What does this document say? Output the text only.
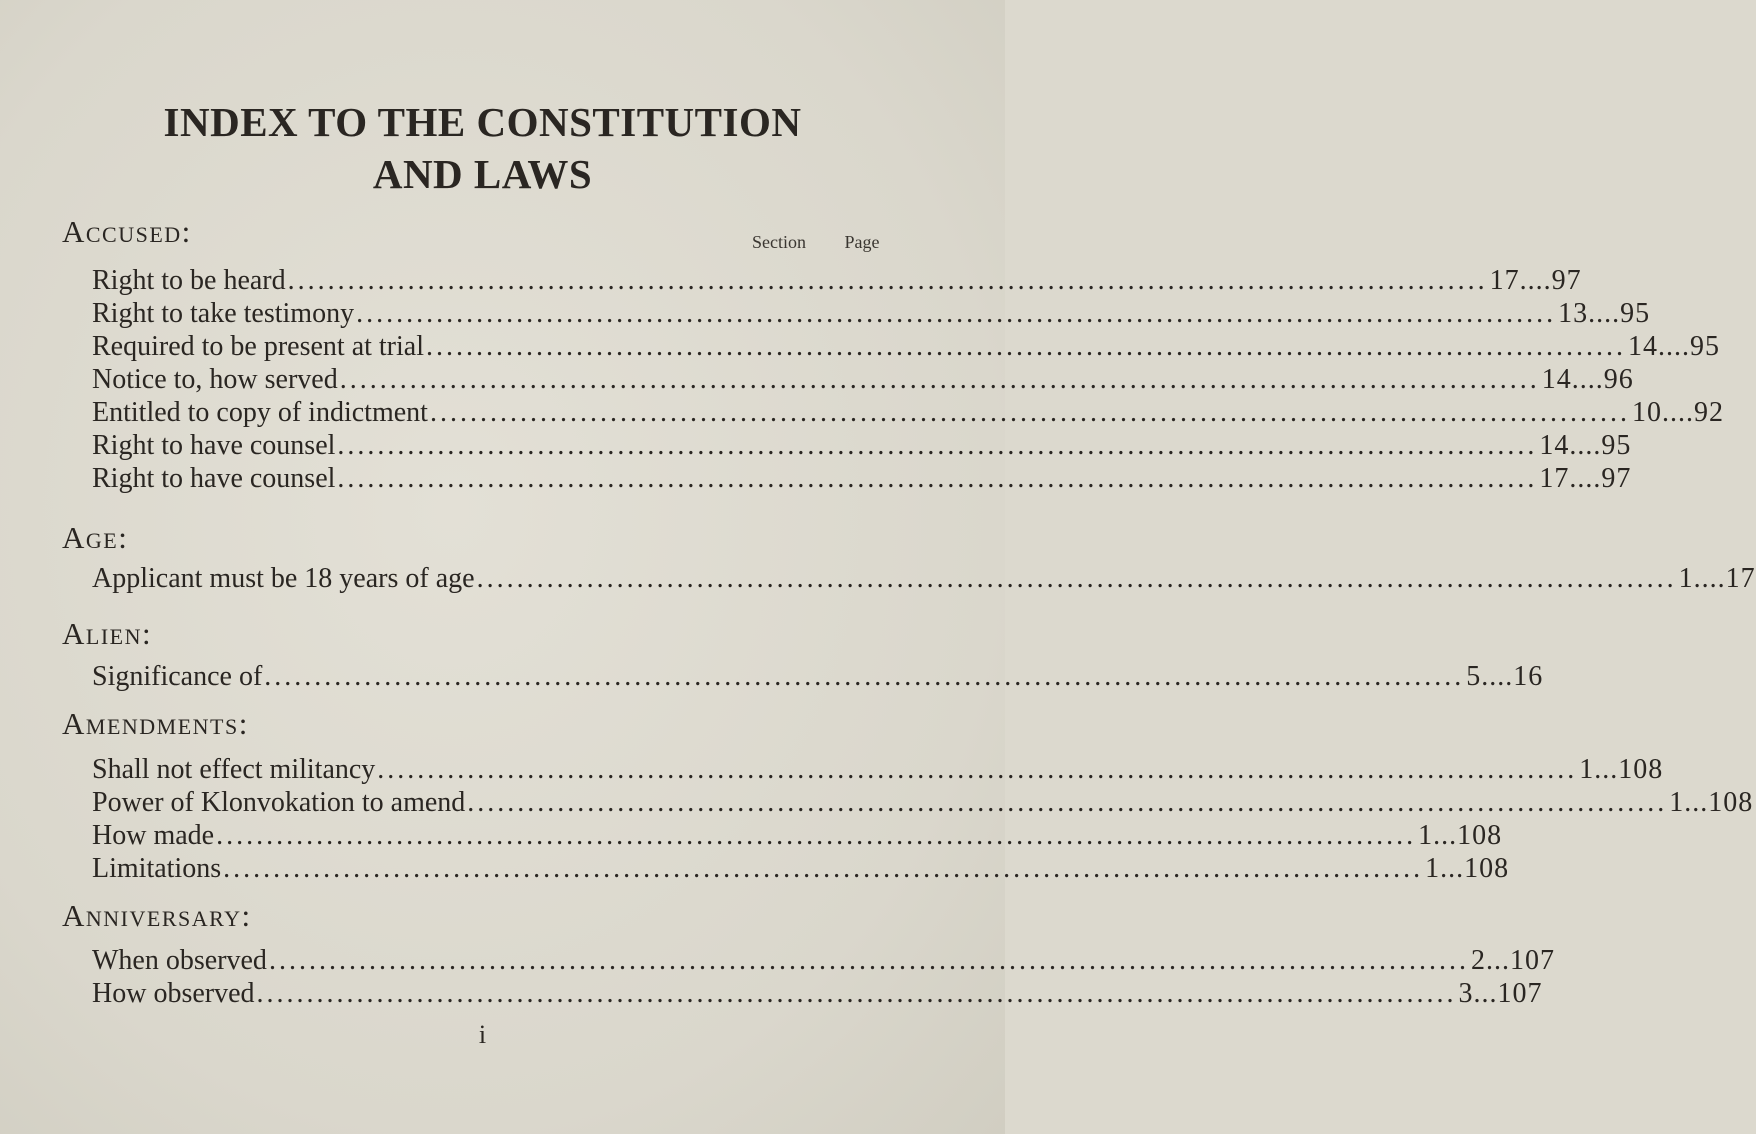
INDEX TO THE CONSTITUTION
AND LAWS
Section Page
Accused:
Right to be heard ........................................................................................................................ 17....97
Right to take testimony ........................................................................................................................ 13....95
Required to be present at trial ........................................................................................................................ 14....95
Notice to, how served ........................................................................................................................ 14....96
Entitled to copy of indictment ........................................................................................................................ 10....92
Right to have counsel ........................................................................................................................ 14....95
Right to have counsel ........................................................................................................................ 17....97
Age:
Applicant must be 18 years of age ........................................................................................................................ 1....17
Alien:
Significance of ........................................................................................................................ 5....16
Amendments:
Shall not effect militancy ........................................................................................................................ 1...108
Power of Klonvokation to amend ........................................................................................................................ 1...108
How made ........................................................................................................................ 1...108
Limitations ........................................................................................................................ 1...108
Anniversary:
When observed ........................................................................................................................ 2...107
How observed ........................................................................................................................ 3...107
i
